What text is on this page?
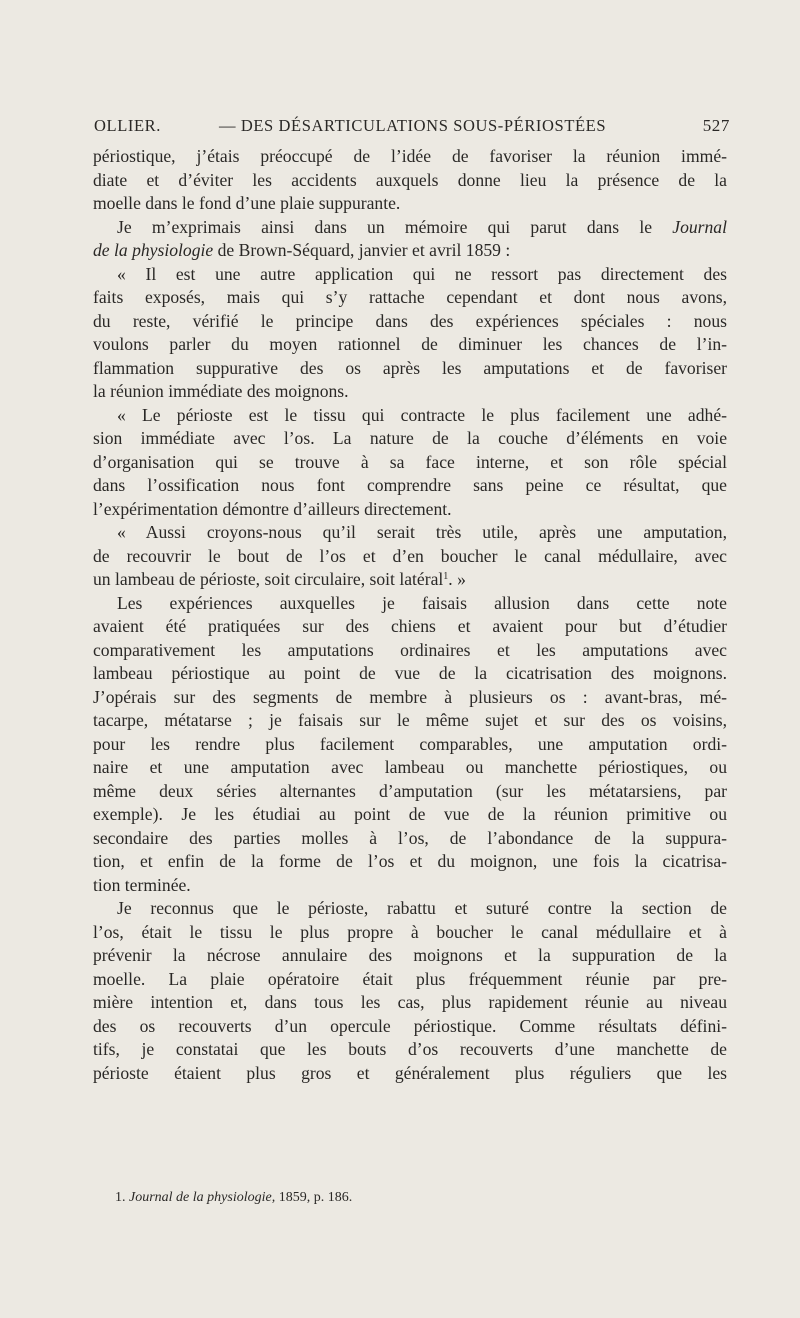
OLLIER.	— DES DÉSARTICULATIONS SOUS-PÉRIOSTÉES	527
périostique, j’étais préoccupé de l’idée de favoriser la réunion immé-
diate et d’éviter les accidents auxquels donne lieu la présence de la
moelle dans le fond d’une plaie suppurante.
Je m’exprimais ainsi dans un mémoire qui parut dans le Journal
de la physiologie de Brown-Séquard, janvier et avril 1859 :
« Il est une autre application qui ne ressort pas directement des
faits exposés, mais qui s’y rattache cependant et dont nous avons,
du reste, vérifié le principe dans des expériences spéciales : nous
voulons parler du moyen rationnel de diminuer les chances de l’in-
flammation suppurative des os après les amputations et de favoriser
la réunion immédiate des moignons.
« Le périoste est le tissu qui contracte le plus facilement une adhé-
sion immédiate avec l’os. La nature de la couche d’éléments en voie
d’organisation qui se trouve à sa face interne, et son rôle spécial
dans l’ossification nous font comprendre sans peine ce résultat, que
l’expérimentation démontre d’ailleurs directement.
« Aussi croyons-nous qu’il serait très utile, après une amputation,
de recouvrir le bout de l’os et d’en boucher le canal médullaire, avec
un lambeau de périoste, soit circulaire, soit latéral$^1$. »
Les expériences auxquelles je faisais allusion dans cette note
avaient été pratiquées sur des chiens et avaient pour but d’étudier
comparativement les amputations ordinaires et les amputations avec
lambeau périostique au point de vue de la cicatrisation des moignons.
J’opérais sur des segments de membre à plusieurs os : avant-bras, mé-
tacarpe, métatarse ; je faisais sur le même sujet et sur des os voisins,
pour les rendre plus facilement comparables, une amputation ordi-
naire et une amputation avec lambeau ou manchette périostiques, ou
même deux séries alternantes d’amputation (sur les métatarsiens, par
exemple). Je les étudiai au point de vue de la réunion primitive ou
secondaire des parties molles à l’os, de l’abondance de la suppura-
tion, et enfin de la forme de l’os et du moignon, une fois la cicatrisa-
tion terminée.
Je reconnus que le périoste, rabattu et suturé contre la section de
l’os, était le tissu le plus propre à boucher le canal médullaire et à
prévenir la nécrose annulaire des moignons et la suppuration de la
moelle. La plaie opératoire était plus fréquemment réunie par pre-
mière intention et, dans tous les cas, plus rapidement réunie au niveau
des os recouverts d’un opercule périostique. Comme résultats défini-
tifs, je constatai que les bouts d’os recouverts d’une manchette de
périoste étaient plus gros et généralement plus réguliers que les
1. Journal de la physiologie, 1859, p. 186.
